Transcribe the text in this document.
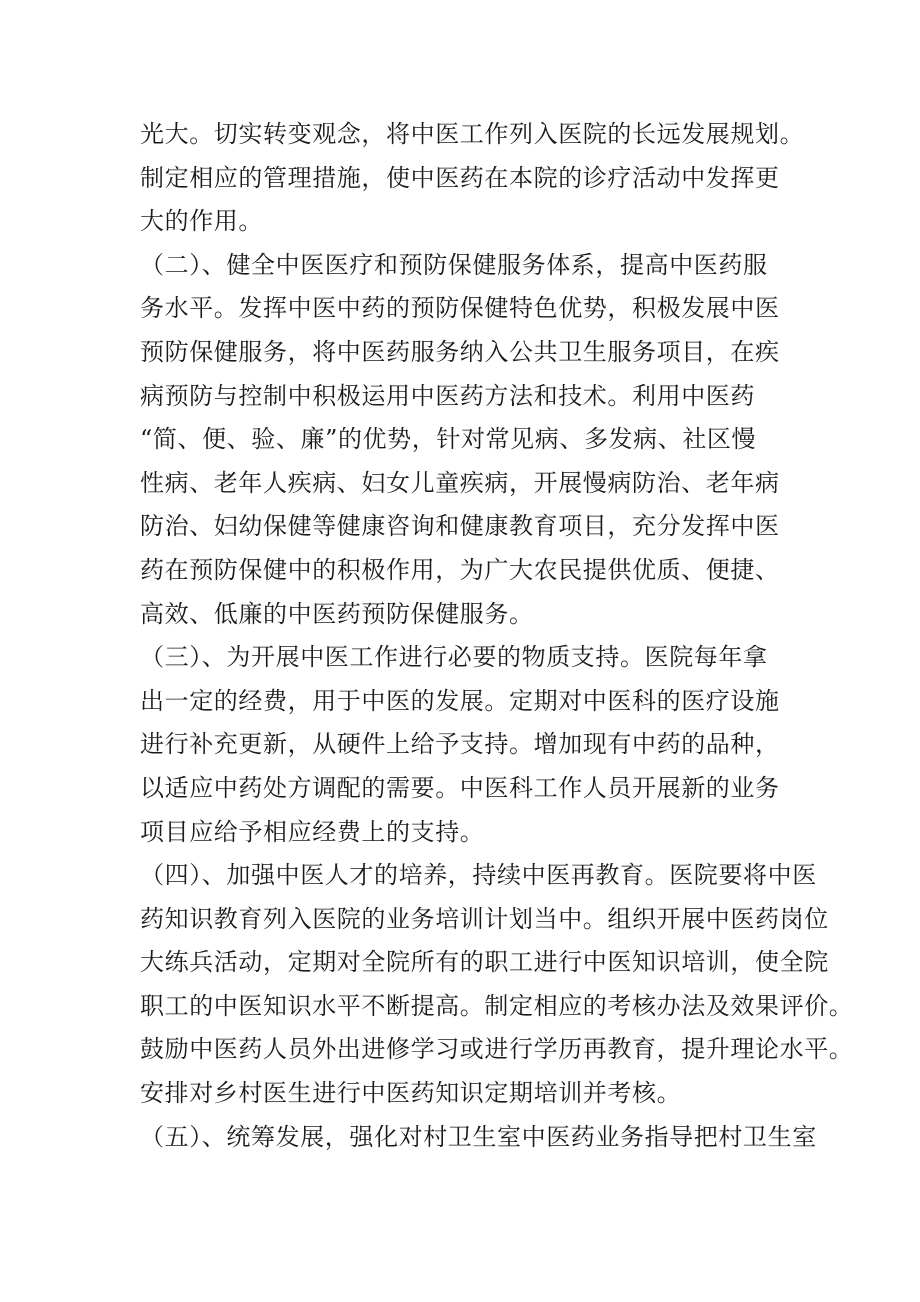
光大。切实转变观念，将中医工作列入医院的长远发展规划。
制定相应的管理措施，使中医药在本院的诊疗活动中发挥更
大的作用。
（二）、健全中医医疗和预防保健服务体系，提高中医药服
务水平。发挥中医中药的预防保健特色优势，积极发展中医
预防保健服务，将中医药服务纳入公共卫生服务项目，在疾
病预防与控制中积极运用中医药方法和技术。利用中医药
“简、便、验、廉”的优势，针对常见病、多发病、社区慢
性病、老年人疾病、妇女儿童疾病，开展慢病防治、老年病
防治、妇幼保健等健康咨询和健康教育项目，充分发挥中医
药在预防保健中的积极作用，为广大农民提供优质、便捷、
高效、低廉的中医药预防保健服务。
（三）、为开展中医工作进行必要的物质支持。医院每年拿
出一定的经费，用于中医的发展。定期对中医科的医疗设施
进行补充更新，从硬件上给予支持。增加现有中药的品种，
以适应中药处方调配的需要。中医科工作人员开展新的业务
项目应给予相应经费上的支持。
（四）、加强中医人才的培养，持续中医再教育。医院要将中医
药知识教育列入医院的业务培训计划当中。组织开展中医药岗位
大练兵活动，定期对全院所有的职工进行中医知识培训，使全院
职工的中医知识水平不断提高。制定相应的考核办法及效果评价。
鼓励中医药人员外出进修学习或进行学历再教育，提升理论水平。
安排对乡村医生进行中医药知识定期培训并考核。
（五）、统筹发展，强化对村卫生室中医药业务指导把村卫生室
